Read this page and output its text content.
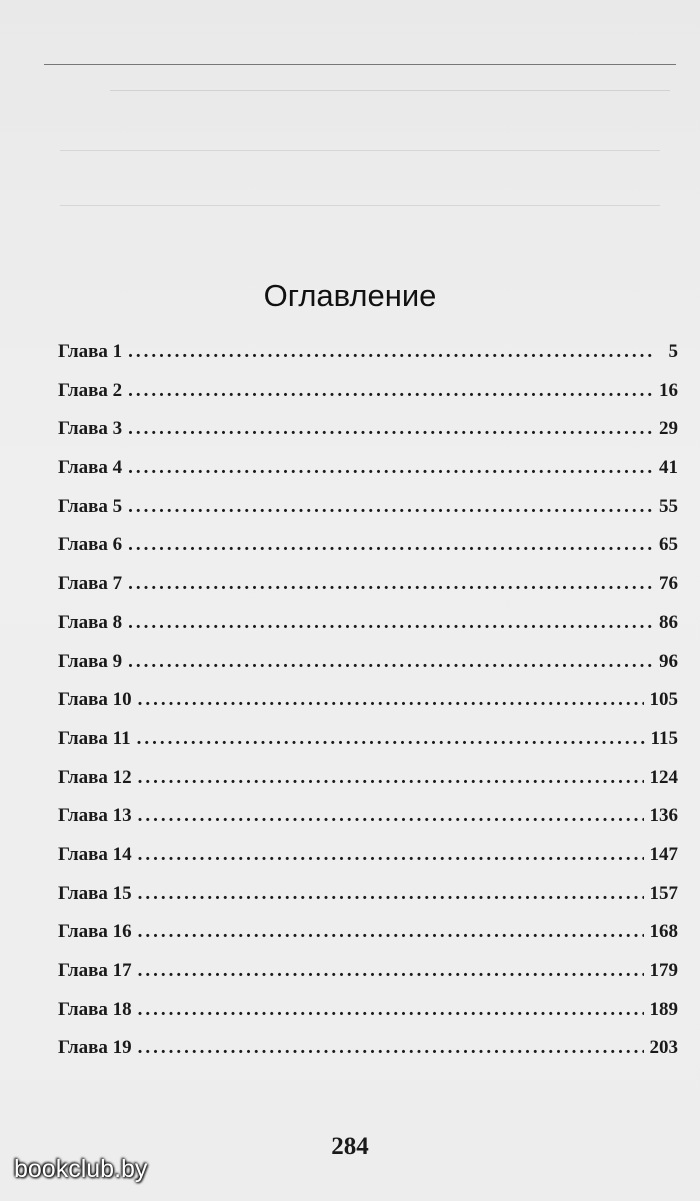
Оглавление
Глава 1 .....	5
Глава 2 .....	16
Глава 3 .....	29
Глава 4 .....	41
Глава 5 .....	55
Глава 6 .....	65
Глава 7 .....	76
Глава 8 .....	86
Глава 9 .....	96
Глава 10 .....	105
Глава 11 .....	115
Глава 12 .....	124
Глава 13 .....	136
Глава 14 .....	147
Глава 15 .....	157
Глава 16 .....	168
Глава 17 .....	179
Глава 18 .....	189
Глава 19 .....	203
284
bookclub.by
